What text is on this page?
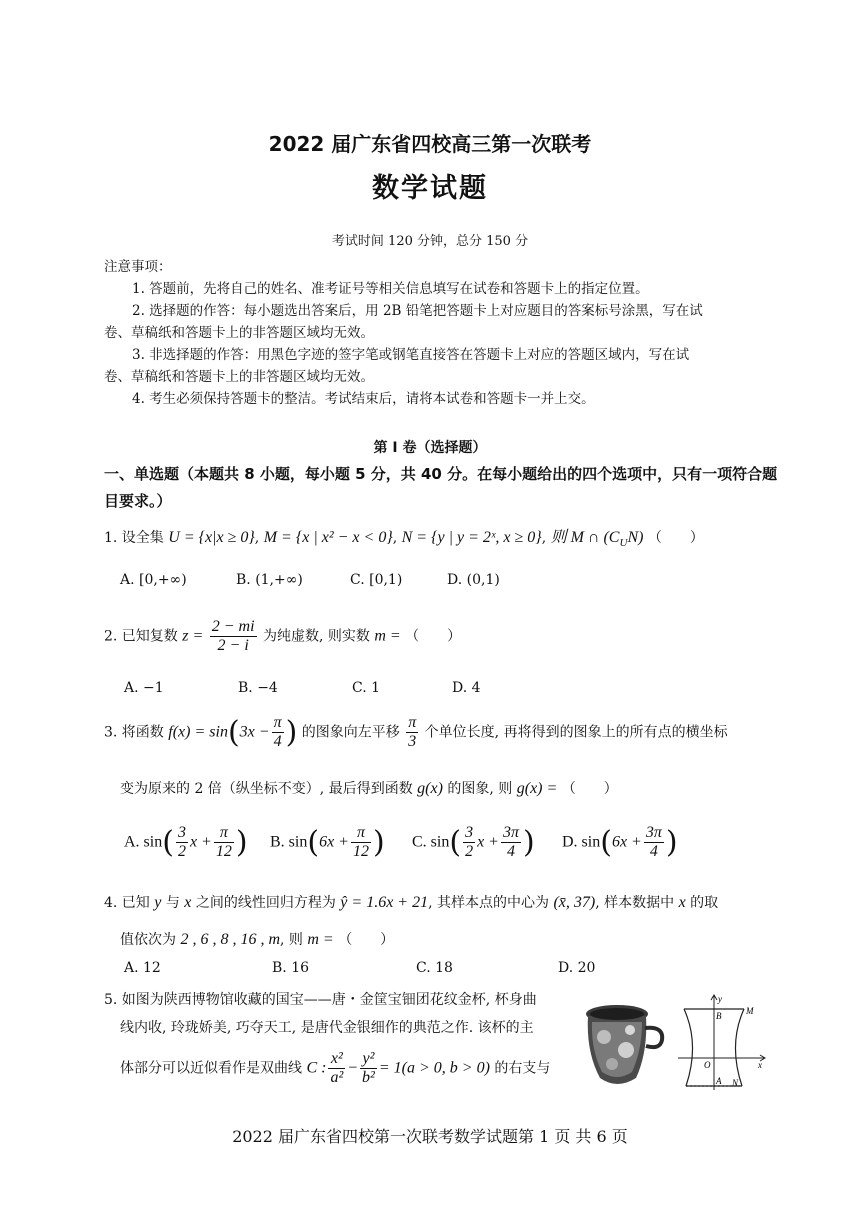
2022 届广东省四校高三第一次联考
数学试题
考试时间 120 分钟，总分 150 分
注意事项：
1. 答题前，先将自己的姓名、准考证号等相关信息填写在试卷和答题卡上的指定位置。
2. 选择题的作答：每小题选出答案后，用 2B 铅笔把答题卡上对应题目的答案标号涂黑，写在试
卷、草稿纸和答题卡上的非答题区域均无效。
3. 非选择题的作答：用黑色字迹的签字笔或钢笔直接答在答题卡上对应的答题区域内，写在试
卷、草稿纸和答题卡上的非答题区域均无效。
4. 考生必须保持答题卡的整洁。考试结束后，请将本试卷和答题卡一并上交。
第 I 卷（选择题）
一、单选题（本题共 8 小题，每小题 5 分，共 40 分。在每小题给出的四个选项中，只有一项符合题
目要求。）
1. 设全集 U = {x|x ≥ 0}, M = {x | x² − x < 0}, N = {y | y = 2ˣ, x ≥ 0}, 则 M ∩ $(C_UN)$ （　　）
A. [0,+∞)	B. (1,+∞)	C. [0,1)	D. (0,1)
2. 已知复数 $z = \frac{2 - mi}{2 - i}$ 为纯虚数, 则实数 m = （　　）
A. −1	B. −4	C. 1	D. 4
3. 将函数 $f(x) = \sin(3x - \frac{\pi}{4}$ ) 的图象向左平移 $\frac{\pi}{3}$ 个单位长度, 再将得到的图象上的所有点的横坐标
变为原来的 2 倍（纵坐标不变）, 最后得到函数 g(x) 的图象, 则 g(x) = （　　）
A. $\sin( \frac{3}{2}$ $x + \frac{\pi}{12}$ ) B. $\sin(6x + \frac{\pi}{12}$ ) C. $\sin( \frac{3}{2}$ $x + \frac{3\pi}{4}$ ) D. $\sin(6x + \frac{3\pi}{4}$ )
4. 已知 y 与 x 之间的线性回归方程为 ŷ = 1.6x + 21, 其样本点的中心为 (x̄, 37), 样本数据中 x 的取
值依次为 2 , 6 , 8 , 16 , m, 则 m = （　　）
A. 12	B. 16	C. 18	D. 20
5. 如图为陕西博物馆收藏的国宝——唐・金筐宝钿团花纹金杯, 杯身曲
线内收, 玲珑娇美, 巧夺天工, 是唐代金银细作的典范之作. 该杯的主
体部分可以近似看作是双曲线 C : $\frac{\text{x²}}{\text{a²}} - \frac{\text{y²}}{\text{b²}} = 1(a > 0$, b > 0) 的右支与
y
x
B	M
O
A N
2022 届广东省四校第一次联考数学试题第 1 页 共 6 页
